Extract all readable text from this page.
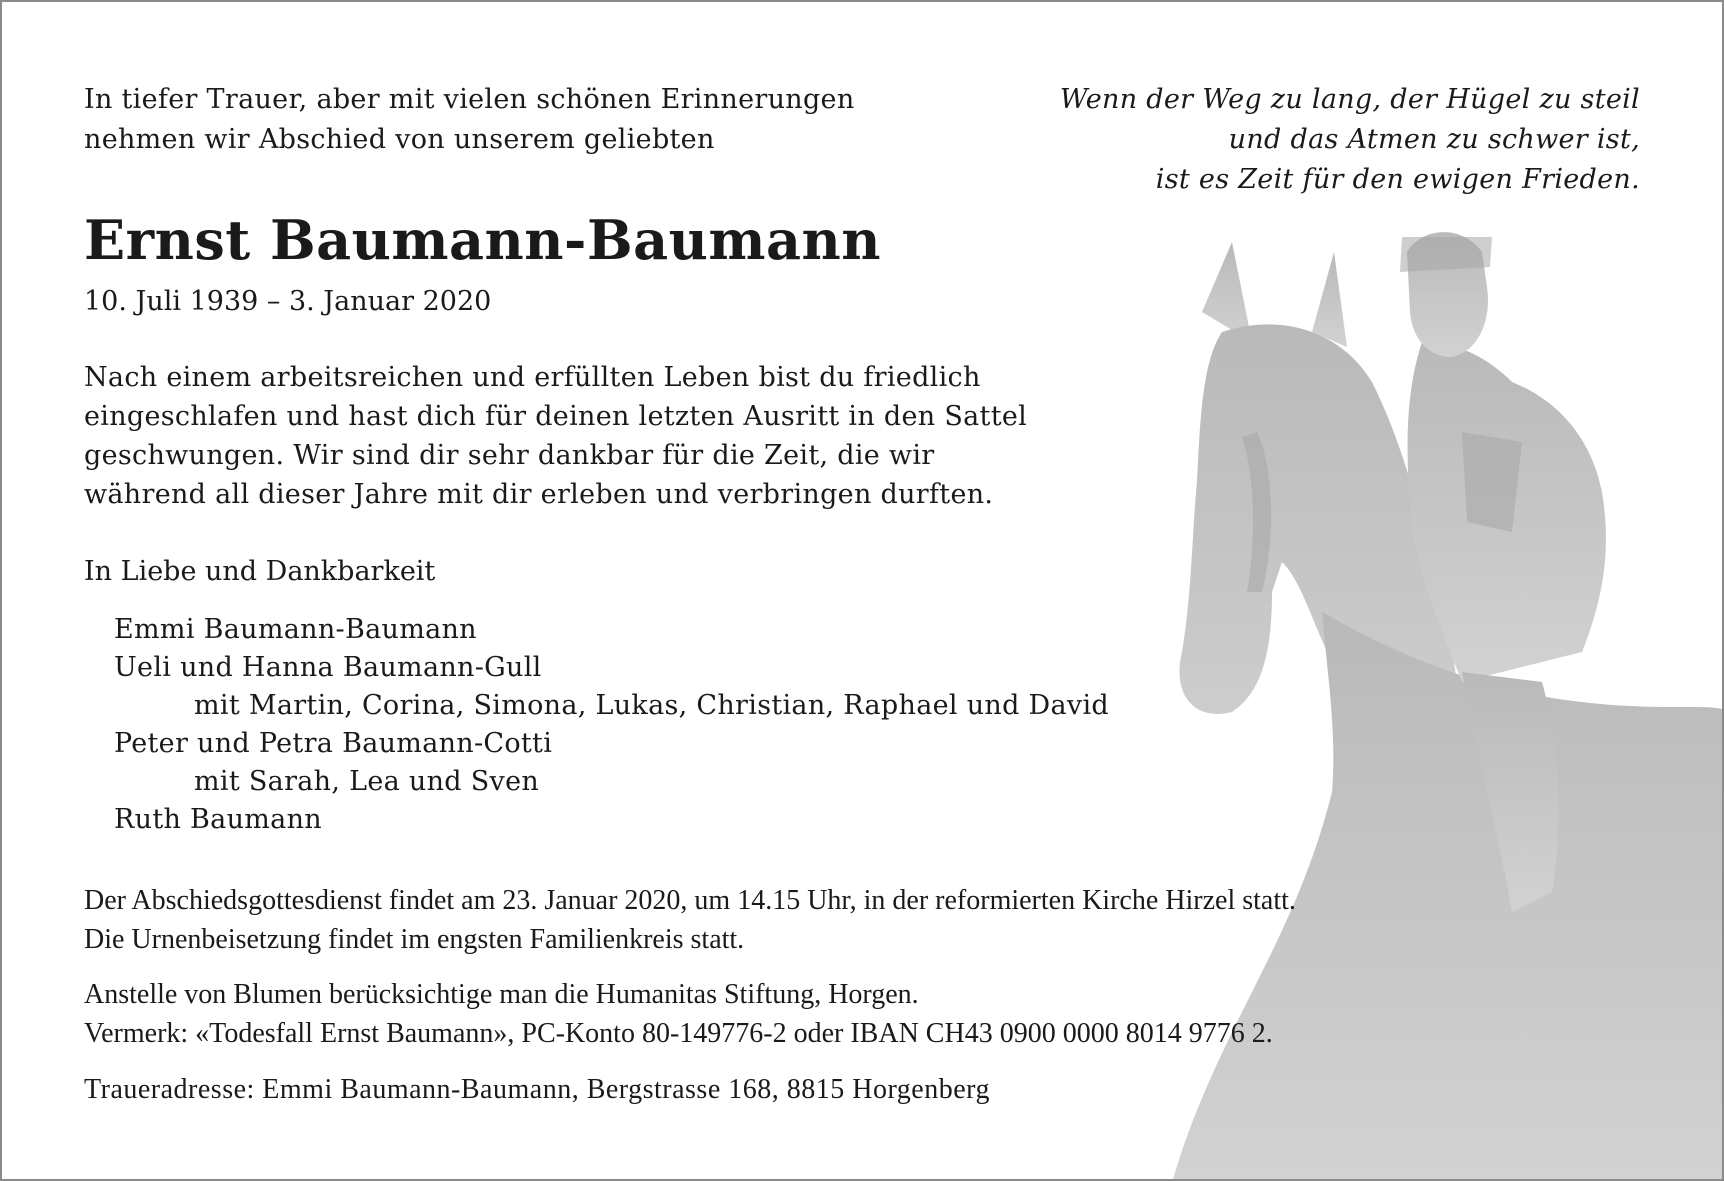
In tiefer Trauer, aber mit vielen schönen Erinnerungen
nehmen wir Abschied von unserem geliebten
Wenn der Weg zu lang, der Hügel zu steil
und das Atmen zu schwer ist,
ist es Zeit für den ewigen Frieden.
Ernst Baumann-Baumann
10. Juli 1939 – 3. Januar 2020
Nach einem arbeitsreichen und erfüllten Leben bist du friedlich
eingeschlafen und hast dich für deinen letzten Ausritt in den Sattel
geschwungen. Wir sind dir sehr dankbar für die Zeit, die wir
während all dieser Jahre mit dir erleben und verbringen durften.
In Liebe und Dankbarkeit
Emmi Baumann-Baumann
Ueli und Hanna Baumann-Gull
mit Martin, Corina, Simona, Lukas, Christian, Raphael und David
Peter und Petra Baumann-Cotti
mit Sarah, Lea und Sven
Ruth Baumann
Der Abschiedsgottesdienst findet am 23. Januar 2020, um 14.15 Uhr, in der reformierten Kirche Hirzel statt.
Die Urnenbeisetzung findet im engsten Familienkreis statt.
Anstelle von Blumen berücksichtige man die Humanitas Stiftung, Horgen.
Vermerk: «Todesfall Ernst Baumann», PC-Konto 80-149776-2 oder IBAN CH43 0900 0000 8014 9776 2.
Traueradresse: Emmi Baumann-Baumann, Bergstrasse 168, 8815 Horgenberg
